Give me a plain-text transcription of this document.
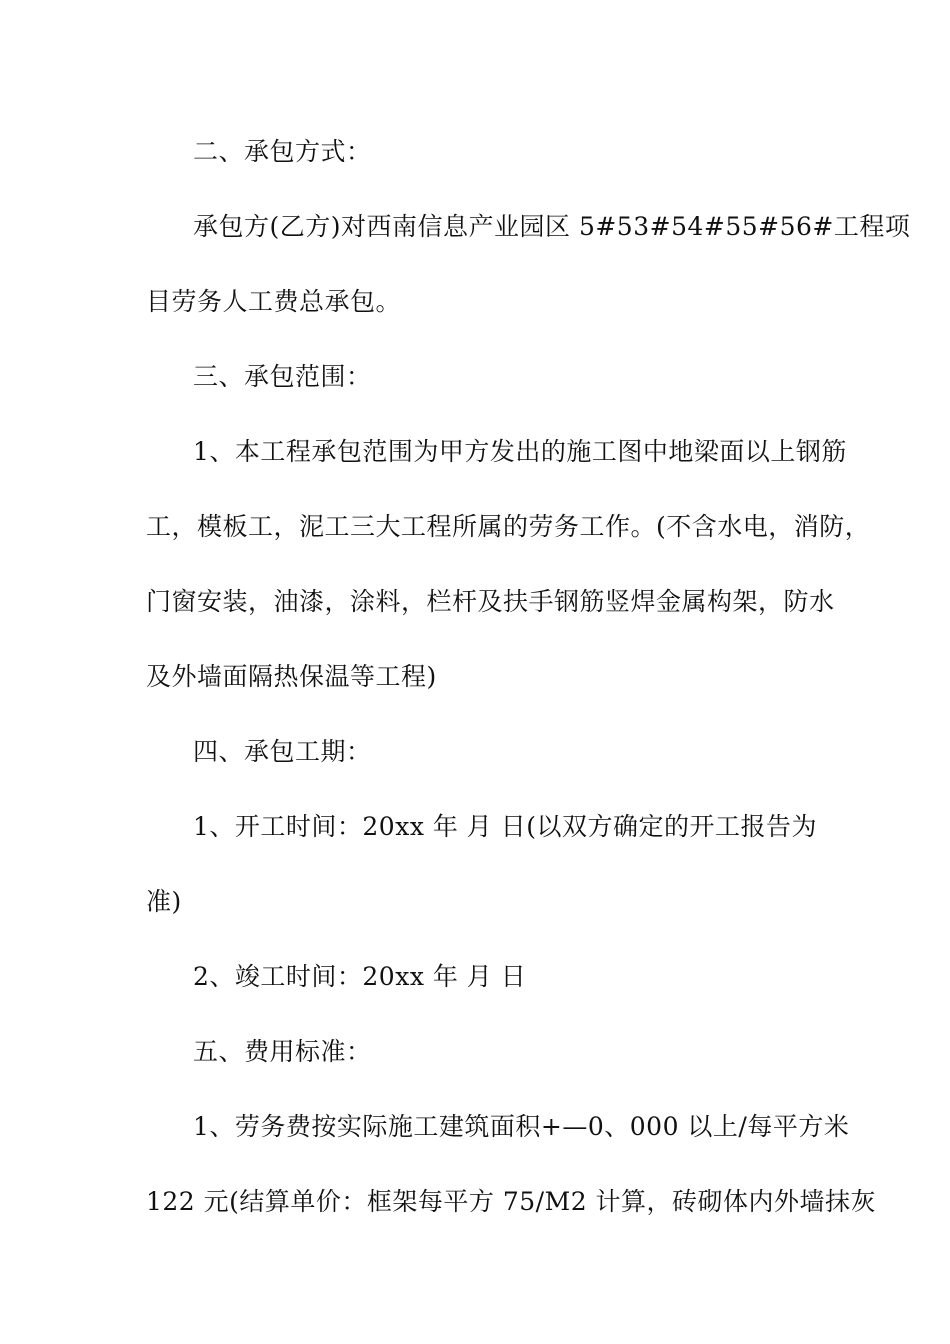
二、承包方式：
承包方(乙方)对西南信息产业园区 5#53#54#55#56#工程项
目劳务人工费总承包。
三、承包范围：
1、本工程承包范围为甲方发出的施工图中地梁面以上钢筋
工，模板工，泥工三大工程所属的劳务工作。(不含水电，消防，
门窗安装，油漆，涂料，栏杆及扶手钢筋竖焊金属构架，防水
及外墙面隔热保温等工程)
四、承包工期：
1、开工时间：20xx 年 月 日(以双方确定的开工报告为
准)
2、竣工时间：20xx 年 月 日
五、费用标准：
1、劳务费按实际施工建筑面积+—0、000 以上/每平方米
122 元(结算单价：框架每平方 75/M2 计算，砖砌体内外墙抹灰
